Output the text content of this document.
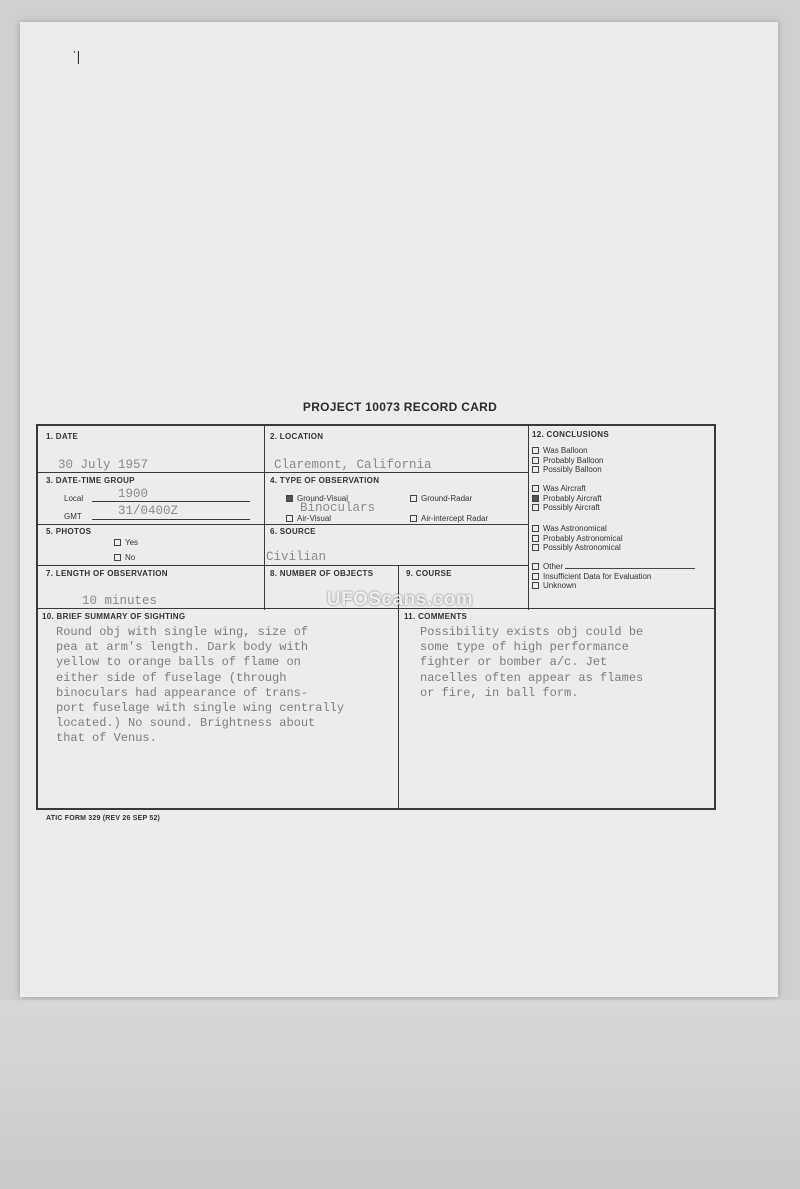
ˈ|
PROJECT 10073 RECORD CARD
1. DATE
30 July 1957
2. LOCATION
Claremont, California
3. DATE-TIME GROUP
Local	1900
GMT	31/0400Z
4. TYPE OF OBSERVATION
Ground-Visual	Ground-Radar
Binoculars
Air-Visual	Air-intercept Radar
5. PHOTOS
Yes
No
6. SOURCE
Civilian
7. LENGTH OF OBSERVATION
10 minutes
8. NUMBER OF OBJECTS	9. COURSE
12. CONCLUSIONS
Was Balloon
Probably Balloon
Possibly Balloon
Was Aircraft
Probably Aircraft
Possibly Aircraft
Was Astronomical
Probably Astronomical
Possibly Astronomical
Other
Insufficient Data for Evaluation
Unknown
10. BRIEF SUMMARY OF SIGHTING
Round obj with single wing, size of
pea at arm's length. Dark body with
yellow to orange balls of flame on
either side of fuselage (through
binoculars had appearance of trans-
port fuselage with single wing centrally
located.) No sound. Brightness about
that of Venus.
11. COMMENTS
Possibility exists obj could be
some type of high performance
fighter or bomber a/c. Jet
nacelles often appear as flames
or fire, in ball form.
ATIC FORM 329 (REV 26 SEP 52)
UFOScans.com
